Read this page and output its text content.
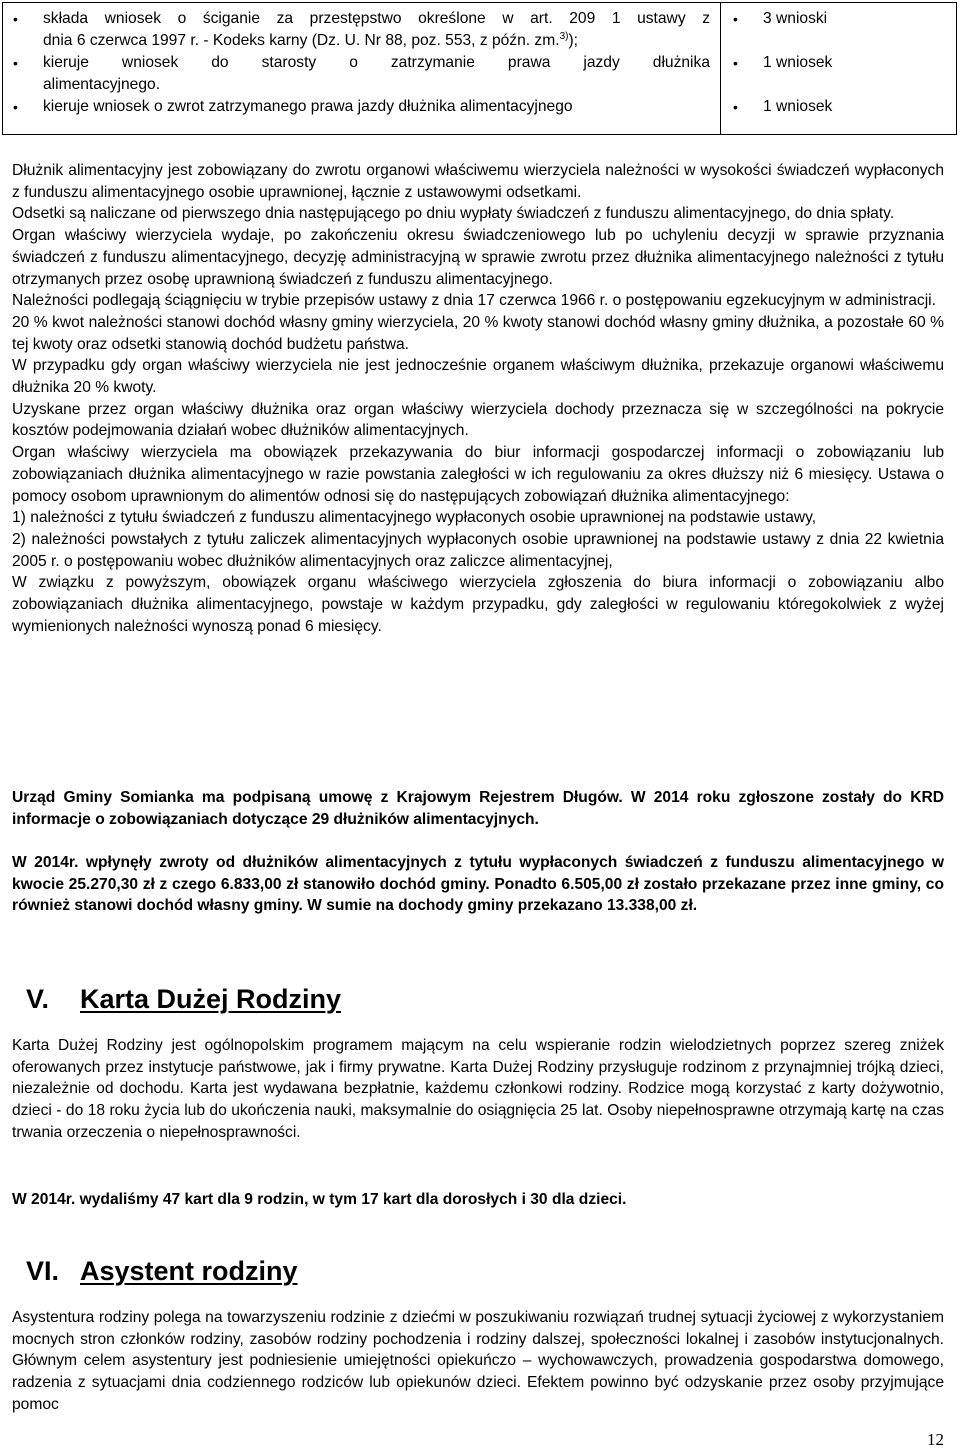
• składa wniosek o ściganie za przestępstwo określone w art. 209 1 ustawy z
dnia 6 czerwca 1997 r. - Kodeks karny (Dz. U. Nr 88, poz. 553, z późn. zm.$^{3)}$);
• kieruje wniosek do starosty o zatrzymanie prawa jazdy dłużnika
alimentacyjnego.
• kieruje wniosek o zwrot zatrzymanego prawa jazdy dłużnika alimentacyjnego
• 3 wnioski
• 1 wniosek
• 1 wniosek

Dłużnik alimentacyjny jest zobowiązany do zwrotu organowi właściwemu wierzyciela należności w wysokości świadczeń wypłaconych z funduszu alimentacyjnego osobie uprawnionej, łącznie z ustawowymi odsetkami.

Odsetki są naliczane od pierwszego dnia następującego po dniu wypłaty świadczeń z funduszu alimentacyjnego, do dnia spłaty.

Organ właściwy wierzyciela wydaje, po zakończeniu okresu świadczeniowego lub po uchyleniu decyzji w sprawie przyznania świadczeń z funduszu alimentacyjnego, decyzję administracyjną w sprawie zwrotu przez dłużnika alimentacyjnego należności z tytułu otrzymanych przez osobę uprawnioną świadczeń z funduszu alimentacyjnego.

Należności podlegają ściągnięciu w trybie przepisów ustawy z dnia 17 czerwca 1966 r. o postępowaniu egzekucyjnym w administracji.

20 % kwot należności stanowi dochód własny gminy wierzyciela, 20 % kwoty stanowi dochód własny gminy dłużnika, a pozostałe 60 % tej kwoty oraz odsetki stanowią dochód budżetu państwa.

W przypadku gdy organ właściwy wierzyciela nie jest jednocześnie organem właściwym dłużnika, przekazuje organowi właściwemu dłużnika 20 % kwoty.

Uzyskane przez organ właściwy dłużnika oraz organ właściwy wierzyciela dochody przeznacza się w szczególności na pokrycie kosztów podejmowania działań wobec dłużników alimentacyjnych.

Organ właściwy wierzyciela ma obowiązek przekazywania do biur informacji gospodarczej informacji o zobowiązaniu lub zobowiązaniach dłużnika alimentacyjnego w razie powstania zaległości w ich regulowaniu za okres dłuższy niż 6 miesięcy. Ustawa o pomocy osobom uprawnionym do alimentów odnosi się do następujących zobowiązań dłużnika alimentacyjnego:

1) należności z tytułu świadczeń z funduszu alimentacyjnego wypłaconych osobie uprawnionej na podstawie ustawy,

2) należności powstałych z tytułu zaliczek alimentacyjnych wypłaconych osobie uprawnionej na podstawie ustawy z dnia 22 kwietnia 2005 r. o postępowaniu wobec dłużników alimentacyjnych oraz zaliczce alimentacyjnej,

W związku z powyższym, obowiązek organu właściwego wierzyciela zgłoszenia do biura informacji o zobowiązaniu albo zobowiązaniach dłużnika alimentacyjnego, powstaje w każdym przypadku, gdy zaległości w regulowaniu któregokolwiek z wyżej wymienionych należności wynoszą ponad 6 miesięcy.

Urząd Gminy Somianka ma podpisaną umowę z Krajowym Rejestrem Długów. W 2014 roku zgłoszone zostały do KRD informacje o zobowiązaniach dotyczące 29 dłużników alimentacyjnych.
W 2014r. wpłynęły zwroty od dłużników alimentacyjnych z tytułu wypłaconych świadczeń z funduszu alimentacyjnego w kwocie 25.270,30 zł z czego 6.833,00 zł stanowiło dochód gminy. Ponadto 6.505,00 zł zostało przekazane przez inne gminy, co również stanowi dochód własny gminy. W sumie na dochody gminy przekazano 13.338,00 zł.
V. Karta Dużej Rodziny
Karta Dużej Rodziny jest ogólnopolskim programem mającym na celu wspieranie rodzin wielodzietnych poprzez szereg zniżek oferowanych przez instytucje państwowe, jak i firmy prywatne. Karta Dużej Rodziny przysługuje rodzinom z przynajmniej trójką dzieci, niezależnie od dochodu. Karta jest wydawana bezpłatnie, każdemu członkowi rodziny. Rodzice mogą korzystać z karty dożywotnio, dzieci - do 18 roku życia lub do ukończenia nauki, maksymalnie do osiągnięcia 25 lat. Osoby niepełnosprawne otrzymają kartę na czas trwania orzeczenia o niepełnosprawności.
W 2014r. wydaliśmy 47 kart dla 9 rodzin, w tym 17 kart dla dorosłych i 30 dla dzieci.
VI. Asystent rodziny
Asystentura rodziny polega na towarzyszeniu rodzinie z dziećmi w poszukiwaniu rozwiązań trudnej sytuacji życiowej z wykorzystaniem mocnych stron członków rodziny, zasobów rodziny pochodzenia i rodziny dalszej, społeczności lokalnej i zasobów instytucjonalnych. Głównym celem asystentury jest podniesienie umiejętności opiekuńczo – wychowawczych, prowadzenia gospodarstwa domowego, radzenia z sytuacjami dnia codziennego rodziców lub opiekunów dzieci. Efektem powinno być odzyskanie przez osoby przyjmujące pomoc
12
